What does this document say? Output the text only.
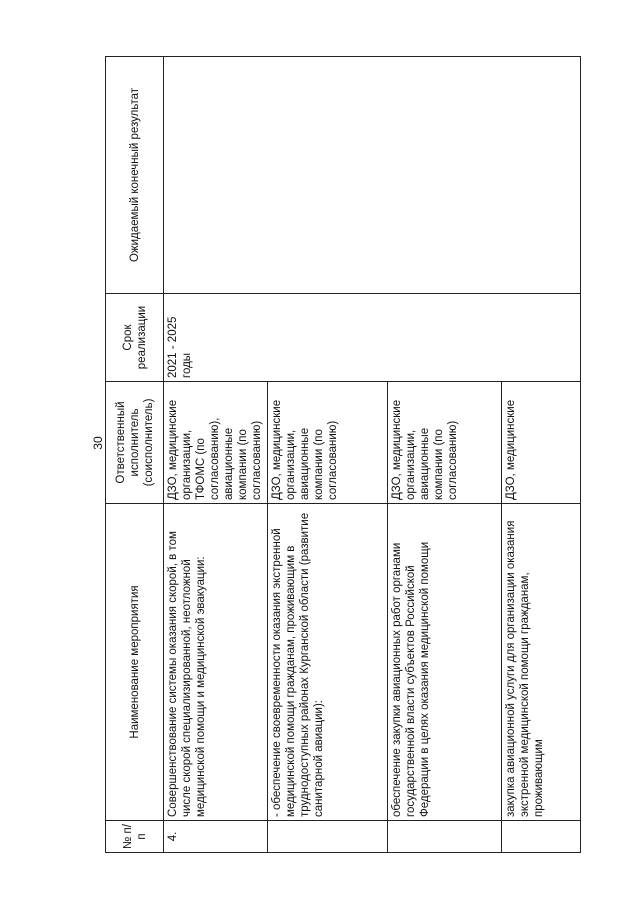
30
№ п/п	Наименование мероприятия	Ответственный исполнитель (соисполнитель)	Срок реализации	Ожидаемый конечный результат
4.	Совершенствование системы оказания скорой, в том числе скорой специализированной, неотложной медицинской помощи и медицинской эвакуации:	ДЗО, медицинские организации, ТФОМС (по согласованию), авиационные компании (по согласованию)	2021 - 2025 годы	
	- обеспечение своевременности оказания экстренной медицинской помощи гражданам, проживающим в труднодоступных районах Курганской области (развитие санитарной авиации):	ДЗО, медицинские организации, авиационные компании (по согласованию)		
	обеспечение закупки авиационных работ органами государственной власти субъектов Российской Федерации в целях оказания медицинской помощи	ДЗО, медицинские организации, авиационные компании (по согласованию)		
	закупка авиационной услуги для организации оказания экстренной медицинской помощи гражданам, проживающим	ДЗО, медицинские		
